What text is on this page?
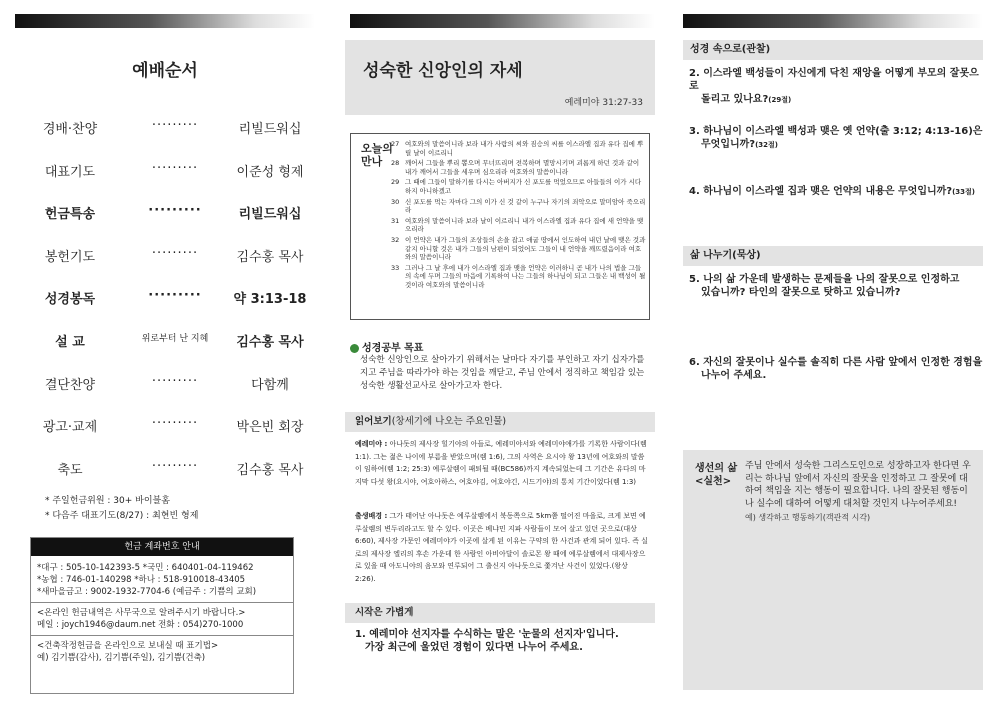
예배순서
경배·찬양	·········	리빌드워십
대표기도	·········	이준성 형제
헌금특송	·········	리빌드워십
봉헌기도	·········	김수홍 목사
성경봉독	·········	약 3:13-18
설 교	위로부터 난 지혜	김수홍 목사
결단찬양	·········	다함께
광고·교제	·········	박은빈 회장
축도	·········	김수홍 목사
* 주일헌금위원 : 30+ 바이블홈
* 다음주 대표기도(8/27) : 최현빈 형제
헌금 계좌번호 안내
*대구 : 505-10-142393-5 *국민 : 640401-04-119462
*농협 : 746-01-140298 *하나 : 518-910018-43405
*새마을금고 : 9002-1932-7704-6 (예금주 : 기쁨의 교회)
<온라인 헌금내역은 사무국으로 알려주시기 바랍니다.>
메일 : joych1946@daum.net 전화 : 054)270-1000
<건축작정헌금을 온라인으로 보내실 때 표기법>
예) 김기쁨(감사), 김기쁨(주일), 김기쁨(건축)
성숙한 신앙인의 자세
예레미야 31:27-33
오늘의
만나
27 여호와의 말씀이니라 보라 내가 사람의 씨와 짐승의 씨를 이스라엘 집과 유다 집에 뿌릴 날이 이르리니
28 깨어서 그들을 뿌리 뽑으며 무너뜨리며 전복하며 멸망시키며 괴롭게 하던 것과 같이 내가 깨어서 그들을 세우며 심으리라 여호와의 말씀이니라
29 그 때에 그들이 말하기를 다시는 아버지가 신 포도를 먹었으므로 아들들의 이가 시다 하지 아니하겠고
30 신 포도를 먹는 자마다 그의 이가 신 것 같이 누구나 자기의 죄악으로 말미암아 죽으리라
31 여호와의 말씀이니라 보라 날이 이르리니 내가 이스라엘 집과 유다 집에 새 언약을 맺으리라
32 이 언약은 내가 그들의 조상들의 손을 잡고 애굽 땅에서 인도하여 내던 날에 맺은 것과 같지 아니할 것은 내가 그들의 남편이 되었어도 그들이 내 언약을 깨뜨렸음이라 여호와의 말씀이니라
33 그러나 그 날 후에 내가 이스라엘 집과 맺을 언약은 이러하니 곧 내가 나의 법을 그들의 속에 두며 그들의 마음에 기록하여 나는 그들의 하나님이 되고 그들은 내 백성이 될 것이라 여호와의 말씀이니라
성경공부 목표
성숙한 신앙인으로 살아가기 위해서는 날마다 자기를 부인하고 자기 십자가를 지고 주님을 따라가야 하는 것임을 깨닫고, 주님 안에서 정직하고 책임감 있는 성숙한 생활선교사로 살아가고자 한다.
읽어보기(창세기에 나오는 주요인물)
예레미야 : 아나돗의 제사장 힐기야의 아들로, 예레미야서와 예레미야애가를 기록한 사람이다(렘 1:1). 그는 젊은 나이에 부름을 받았으며(렘 1:6), 그의 사역은 요시야 왕 13년에 여호와의 말씀이 임하여(렘 1:2; 25:3) 예루살렘이 패퇴될 때(BC586)까지 계속되었는데 그 기간은 유다의 마지막 다섯 왕(요시야, 여호아하스, 여호야김, 여호야긴, 시드기야)의 통치 기간이었다(렘 1:3)
출생배경 : 그가 태어난 아나돗은 예루살렘에서 북동쪽으로 5km쯤 떨어진 마을로, 크게 보면 예루살렘의 변두리라고도 할 수 있다. 이곳은 베냐민 지파 사람들이 모여 살고 있던 곳으로(대상 6:60), 제사장 가문인 예레미야가 이곳에 살게 된 이유는 구약의 한 사건과 관계 되어 있다. 즉 실로의 제사장 엘리의 후손 가운데 한 사람인 아비아달이 솔로몬 왕 때에 예루살렘에서 대제사장으로 있을 때 아도니야의 음모와 연루되어 그 출신지 아나돗으로 쫓겨난 사건이 있었다.(왕상 2:26).
시작은 가볍게
1. 예레미야 선지자를 수식하는 말은 '눈물의 선지자'입니다.
가장 최근에 울었던 경험이 있다면 나누어 주세요.
성경 속으로(관찰)
2. 이스라엘 백성들이 자신에게 닥친 재앙을 어떻게 부모의 잘못으로
돌리고 있나요?(29절)
3. 하나님이 이스라엘 백성과 맺은 옛 언약(출 3:12; 4:13-16)은
무엇입니까?(32절)
4. 하나님이 이스라엘 집과 맺은 언약의 내용은 무엇입니까?(33절)
삶 나누기(묵상)
5. 나의 삶 가운데 발생하는 문제들을 나의 잘못으로 인정하고
있습니까? 타인의 잘못으로 탓하고 있습니까?
6. 자신의 잘못이나 실수를 솔직히 다른 사람 앞에서 인정한 경험을
나누어 주세요.
생선의 삶
<실천>
주님 안에서 성숙한 그리스도인으로 성장하고자 한다면 우리는 하나님 앞에서 자신의 잘못을 인정하고 그 잘못에 대하여 책임을 지는 행동이 필요합니다. 나의 잘못된 행동이나 실수에 대하여 어떻게 대처할 것인지 나누어주세요!
예) 생각하고 행동하기(객관적 시각)
